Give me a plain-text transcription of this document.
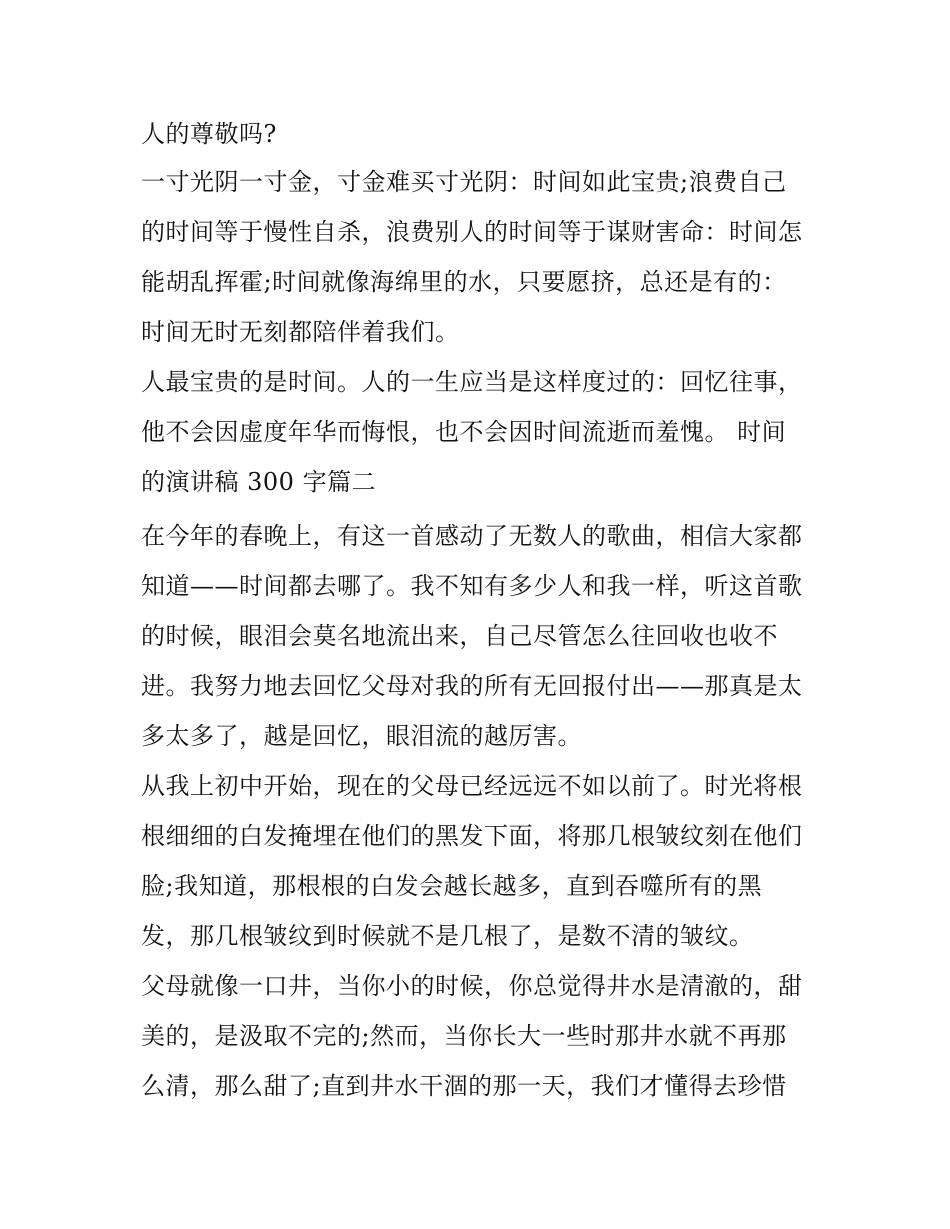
人的尊敬吗?
一寸光阴一寸金，寸金难买寸光阴：时间如此宝贵;浪费自己
的时间等于慢性自杀，浪费别人的时间等于谋财害命：时间怎
能胡乱挥霍;时间就像海绵里的水，只要愿挤，总还是有的：
时间无时无刻都陪伴着我们。
人最宝贵的是时间。人的一生应当是这样度过的：回忆往事，
他不会因虚度年华而悔恨，也不会因时间流逝而羞愧。 时间
的演讲稿 300 字篇二
在今年的春晚上，有这一首感动了无数人的歌曲，相信大家都
知道——时间都去哪了。我不知有多少人和我一样，听这首歌
的时候，眼泪会莫名地流出来，自己尽管怎么往回收也收不
进。我努力地去回忆父母对我的所有无回报付出——那真是太
多太多了，越是回忆，眼泪流的越厉害。
从我上初中开始，现在的父母已经远远不如以前了。时光将根
根细细的白发掩埋在他们的黑发下面，将那几根皱纹刻在他们
脸;我知道，那根根的白发会越长越多，直到吞噬所有的黑
发，那几根皱纹到时候就不是几根了，是数不清的皱纹。
父母就像一口井，当你小的时候，你总觉得井水是清澈的，甜
美的，是汲取不完的;然而，当你长大一些时那井水就不再那
么清，那么甜了;直到井水干涸的那一天，我们才懂得去珍惜
